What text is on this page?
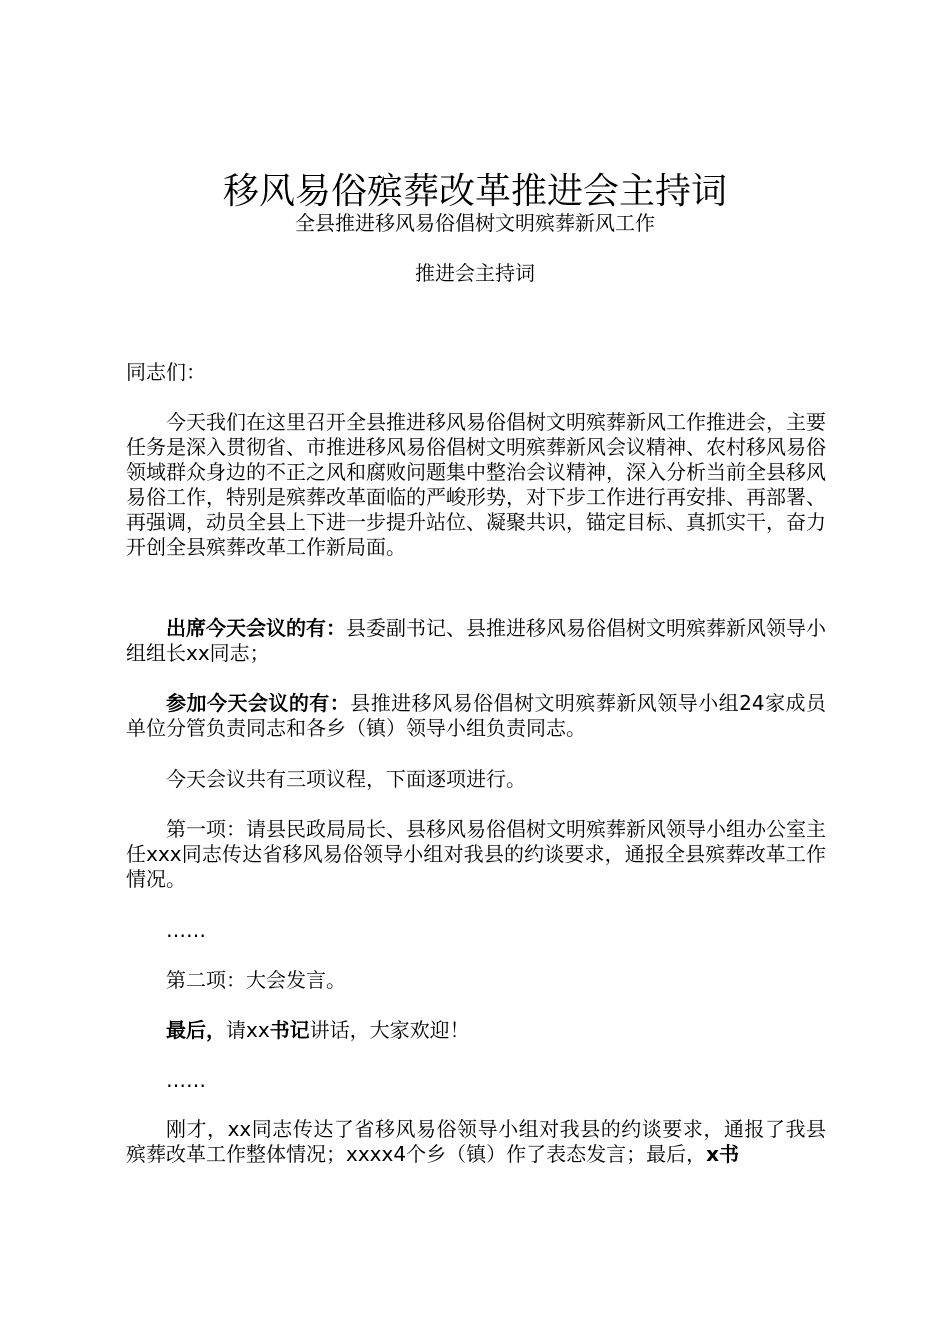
移风易俗殡葬改革推进会主持词
全县推进移风易俗倡树文明殡葬新风工作
推进会主持词
同志们：
今天我们在这里召开全县推进移风易俗倡树文明殡葬新风工作推进会，主要任务是深入贯彻省、市推进移风易俗倡树文明殡葬新风会议精神、农村移风易俗领域群众身边的不正之风和腐败问题集中整治会议精神，深入分析当前全县移风易俗工作，特别是殡葬改革面临的严峻形势，对下步工作进行再安排、再部署、再强调，动员全县上下进一步提升站位、凝聚共识，锚定目标、真抓实干，奋力开创全县殡葬改革工作新局面。
出席今天会议的有：县委副书记、县推进移风易俗倡树文明殡葬新风领导小组组长xx同志；
参加今天会议的有：县推进移风易俗倡树文明殡葬新风领导小组24家成员单位分管负责同志和各乡（镇）领导小组负责同志。
今天会议共有三项议程，下面逐项进行。
第一项：请县民政局局长、县移风易俗倡树文明殡葬新风领导小组办公室主任xxx同志传达省移风易俗领导小组对我县的约谈要求，通报全县殡葬改革工作情况。
……
第二项：大会发言。
最后，请xx书记讲话，大家欢迎！
……
刚才，xx同志传达了省移风易俗领导小组对我县的约谈要求，通报了我县殡葬改革工作整体情况；xxxx4个乡（镇）作了表态发言；最后，x书
